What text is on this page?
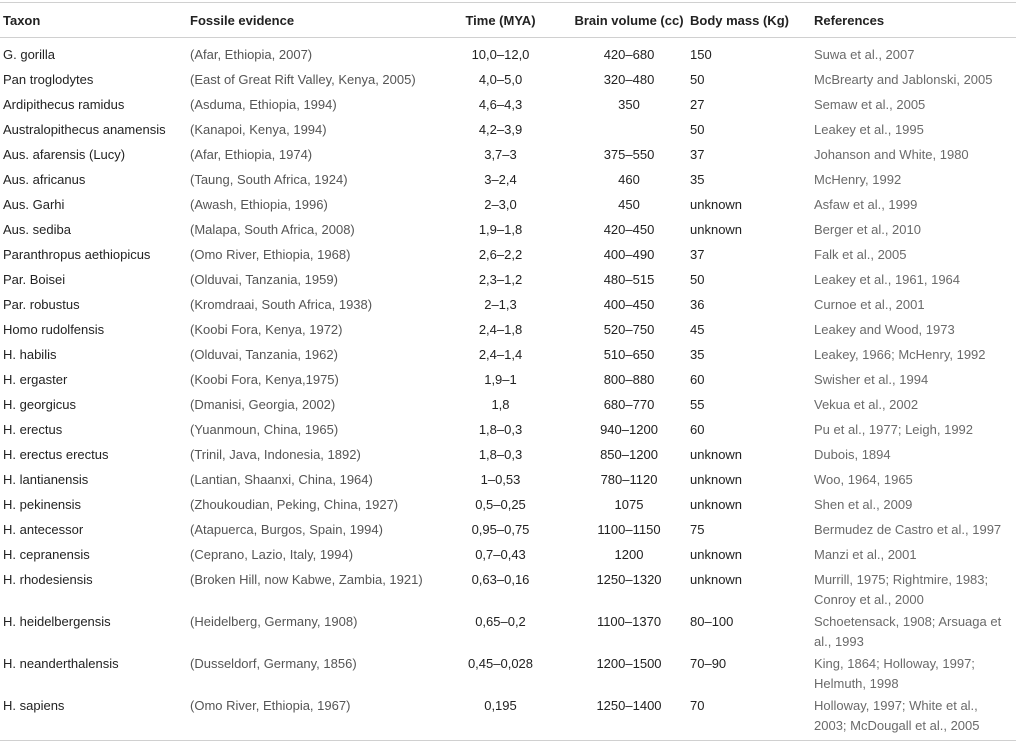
Taxon	Fossile evidence	Time (MYA)	Brain volume (cc)	Body mass (Kg)	References
G. gorilla	(Afar, Ethiopia, 2007)	10,0–12,0	420–680	150	Suwa et al., 2007
Pan troglodytes	(East of Great Rift Valley, Kenya, 2005)	4,0–5,0	320–480	50	McBrearty and Jablonski, 2005
Ardipithecus ramidus	(Asduma, Ethiopia, 1994)	4,6–4,3	350	27	Semaw et al., 2005
Australopithecus anamensis	(Kanapoi, Kenya, 1994)	4,2–3,9		50	Leakey et al., 1995
Aus. afarensis (Lucy)	(Afar, Ethiopia, 1974)	3,7–3	375–550	37	Johanson and White, 1980
Aus. africanus	(Taung, South Africa, 1924)	3–2,4	460	35	McHenry, 1992
Aus. Garhi	(Awash, Ethiopia, 1996)	2–3,0	450	unknown	Asfaw et al., 1999
Aus. sediba	(Malapa, South Africa, 2008)	1,9–1,8	420–450	unknown	Berger et al., 2010
Paranthropus aethiopicus	(Omo River, Ethiopia, 1968)	2,6–2,2	400–490	37	Falk et al., 2005
Par. Boisei	(Olduvai, Tanzania, 1959)	2,3–1,2	480–515	50	Leakey et al., 1961, 1964
Par. robustus	(Kromdraai, South Africa, 1938)	2–1,3	400–450	36	Curnoe et al., 2001
Homo rudolfensis	(Koobi Fora, Kenya, 1972)	2,4–1,8	520–750	45	Leakey and Wood, 1973
H. habilis	(Olduvai, Tanzania, 1962)	2,4–1,4	510–650	35	Leakey, 1966; McHenry, 1992
H. ergaster	(Koobi Fora, Kenya,1975)	1,9–1	800–880	60	Swisher et al., 1994
H. georgicus	(Dmanisi, Georgia, 2002)	1,8	680–770	55	Vekua et al., 2002
H. erectus	(Yuanmoun, China, 1965)	1,8–0,3	940–1200	60	Pu et al., 1977; Leigh, 1992
H. erectus erectus	(Trinil, Java, Indonesia, 1892)	1,8–0,3	850–1200	unknown	Dubois, 1894
H. lantianensis	(Lantian, Shaanxi, China, 1964)	1–0,53	780–1120	unknown	Woo, 1964, 1965
H. pekinensis	(Zhoukoudian, Peking, China, 1927)	0,5–0,25	1075	unknown	Shen et al., 2009
H. antecessor	(Atapuerca, Burgos, Spain, 1994)	0,95–0,75	1100–1150	75	Bermudez de Castro et al., 1997
H. cepranensis	(Ceprano, Lazio, Italy, 1994)	0,7–0,43	1200	unknown	Manzi et al., 2001
H. rhodesiensis	(Broken Hill, now Kabwe, Zambia, 1921)	0,63–0,16	1250–1320	unknown	Murrill, 1975; Rightmire, 1983; Conroy et al., 2000
H. heidelbergensis	(Heidelberg, Germany, 1908)	0,65–0,2	1100–1370	80–100	Schoetensack, 1908; Arsuaga et al., 1993
H. neanderthalensis	(Dusseldorf, Germany, 1856)	0,45–0,028	1200–1500	70–90	King, 1864; Holloway, 1997; Helmuth, 1998
H. sapiens	(Omo River, Ethiopia, 1967)	0,195	1250–1400	70	Holloway, 1997; White et al., 2003; McDougall et al., 2005
